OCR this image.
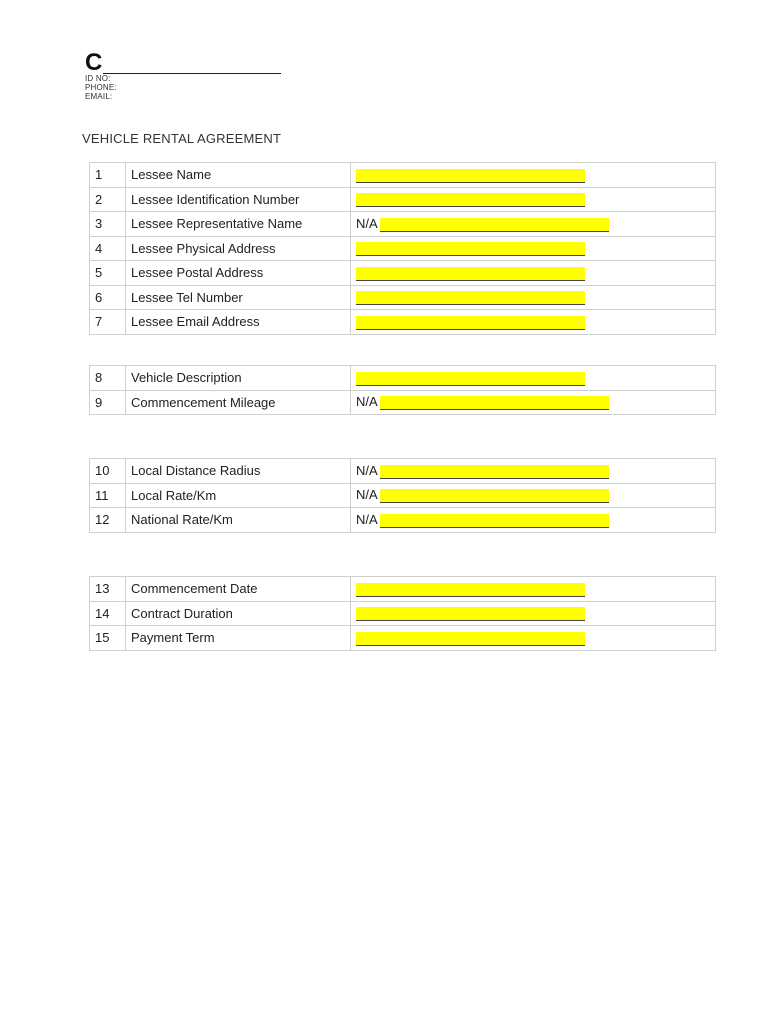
C
ID NO:
PHONE:
EMAIL:
VEHICLE RENTAL AGREEMENT
1	Lessee Name	
2	Lessee Identification Number	
3	Lessee Representative Name	N/A
4	Lessee Physical Address	
5	Lessee Postal Address	
6	Lessee Tel Number	
7	Lessee Email Address	
8	Vehicle Description	
9	Commencement Mileage	N/A
10	Local Distance Radius	N/A
11	Local Rate/Km	N/A
12	National Rate/Km	N/A
13	Commencement Date	
14	Contract Duration	
15	Payment Term	
